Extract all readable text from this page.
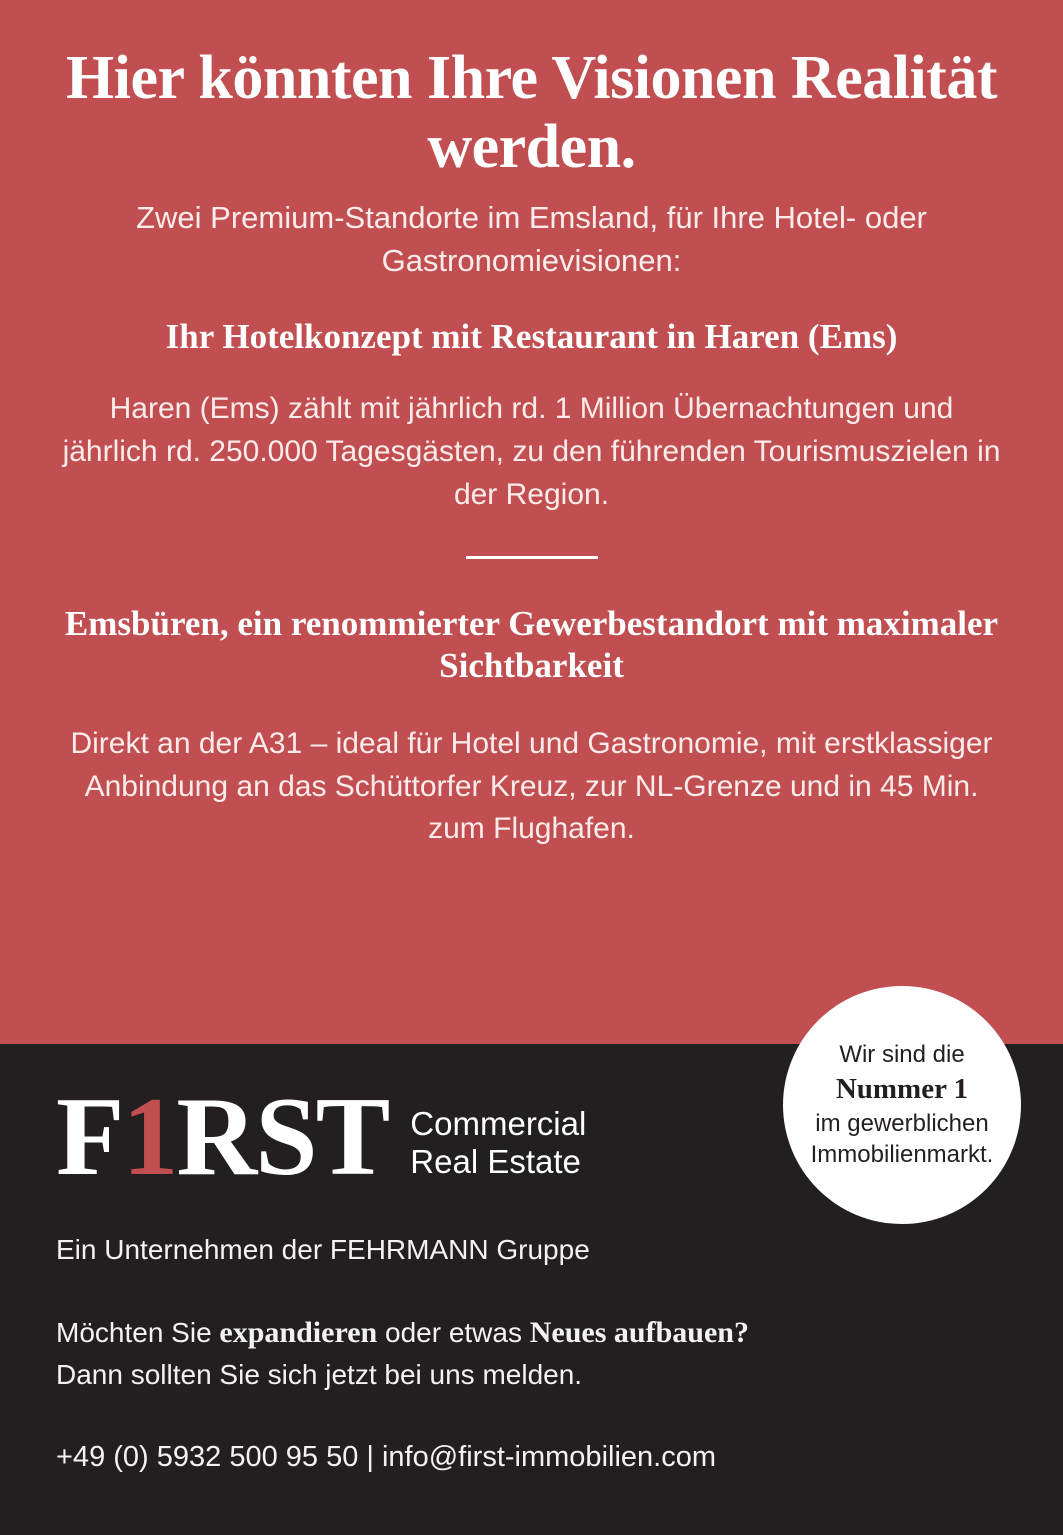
Hier könnten Ihre Visionen Realität werden.

Zwei Premium-Standorte im Emsland, für Ihre Hotel- oder Gastronomievisionen:

Ihr Hotelkonzept mit Restaurant in Haren (Ems)

Haren (Ems) zählt mit jährlich rd. 1 Million Übernachtungen und jährlich rd. 250.000 Tagesgästen, zu den führenden Tourismuszielen in der Region.

Emsbüren, ein renommierter Gewerbestandort mit maximaler Sichtbarkeit

Direkt an der A31 – ideal für Hotel und Gastronomie, mit erstklassiger Anbindung an das Schüttorfer Kreuz, zur NL-Grenze und in 45 Min. zum Flughafen.

Wir sind die
Nummer 1
im gewerblichen
Immobilienmarkt.
F 1 RST Commercial
Real Estate
Ein Unternehmen der FEHRMANN Gruppe
Möchten Sie expandieren oder etwas Neues aufbauen?
Dann sollten Sie sich jetzt bei uns melden.
+49 (0) 5932 500 95 50 | info@first-immobilien.com
